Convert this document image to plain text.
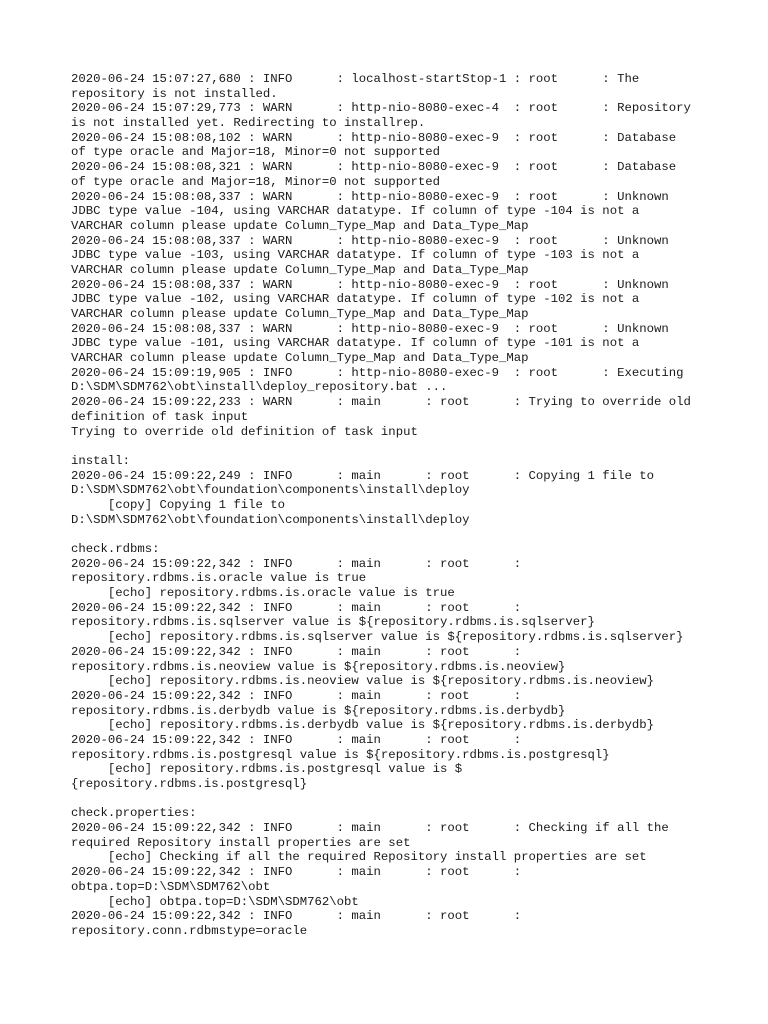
2020-06-24 15:07:27,680 : INFO      : localhost-startStop-1 : root      : The
repository is not installed.
2020-06-24 15:07:29,773 : WARN      : http-nio-8080-exec-4  : root      : Repository
is not installed yet. Redirecting to installrep.
2020-06-24 15:08:08,102 : WARN      : http-nio-8080-exec-9  : root      : Database
of type oracle and Major=18, Minor=0 not supported
2020-06-24 15:08:08,321 : WARN      : http-nio-8080-exec-9  : root      : Database
of type oracle and Major=18, Minor=0 not supported
2020-06-24 15:08:08,337 : WARN      : http-nio-8080-exec-9  : root      : Unknown
JDBC type value -104, using VARCHAR datatype. If column of type -104 is not a
VARCHAR column please update Column_Type_Map and Data_Type_Map
2020-06-24 15:08:08,337 : WARN      : http-nio-8080-exec-9  : root      : Unknown
JDBC type value -103, using VARCHAR datatype. If column of type -103 is not a
VARCHAR column please update Column_Type_Map and Data_Type_Map
2020-06-24 15:08:08,337 : WARN      : http-nio-8080-exec-9  : root      : Unknown
JDBC type value -102, using VARCHAR datatype. If column of type -102 is not a
VARCHAR column please update Column_Type_Map and Data_Type_Map
2020-06-24 15:08:08,337 : WARN      : http-nio-8080-exec-9  : root      : Unknown
JDBC type value -101, using VARCHAR datatype. If column of type -101 is not a
VARCHAR column please update Column_Type_Map and Data_Type_Map
2020-06-24 15:09:19,905 : INFO      : http-nio-8080-exec-9  : root      : Executing
D:\SDM\SDM762\obt\install\deploy_repository.bat ...
2020-06-24 15:09:22,233 : WARN      : main      : root      : Trying to override old
definition of task input
Trying to override old definition of task input
install:
2020-06-24 15:09:22,249 : INFO      : main      : root      : Copying 1 file to
D:\SDM\SDM762\obt\foundation\components\install\deploy
[copy] Copying 1 file to
D:\SDM\SDM762\obt\foundation\components\install\deploy
check.rdbms:
2020-06-24 15:09:22,342 : INFO      : main      : root      :
repository.rdbms.is.oracle value is true
[echo] repository.rdbms.is.oracle value is true
2020-06-24 15:09:22,342 : INFO      : main      : root      :
repository.rdbms.is.sqlserver value is ${repository.rdbms.is.sqlserver}
[echo] repository.rdbms.is.sqlserver value is ${repository.rdbms.is.sqlserver}
2020-06-24 15:09:22,342 : INFO      : main      : root      :
repository.rdbms.is.neoview value is ${repository.rdbms.is.neoview}
[echo] repository.rdbms.is.neoview value is ${repository.rdbms.is.neoview}
2020-06-24 15:09:22,342 : INFO      : main      : root      :
repository.rdbms.is.derbydb value is ${repository.rdbms.is.derbydb}
[echo] repository.rdbms.is.derbydb value is ${repository.rdbms.is.derbydb}
2020-06-24 15:09:22,342 : INFO      : main      : root      :
repository.rdbms.is.postgresql value is ${repository.rdbms.is.postgresql}
[echo] repository.rdbms.is.postgresql value is $
{repository.rdbms.is.postgresql}
check.properties:
2020-06-24 15:09:22,342 : INFO      : main      : root      : Checking if all the
required Repository install properties are set
[echo] Checking if all the required Repository install properties are set
2020-06-24 15:09:22,342 : INFO      : main      : root      :
obtpa.top=D:\SDM\SDM762\obt
[echo] obtpa.top=D:\SDM\SDM762\obt
2020-06-24 15:09:22,342 : INFO      : main      : root      :
repository.conn.rdbmstype=oracle
